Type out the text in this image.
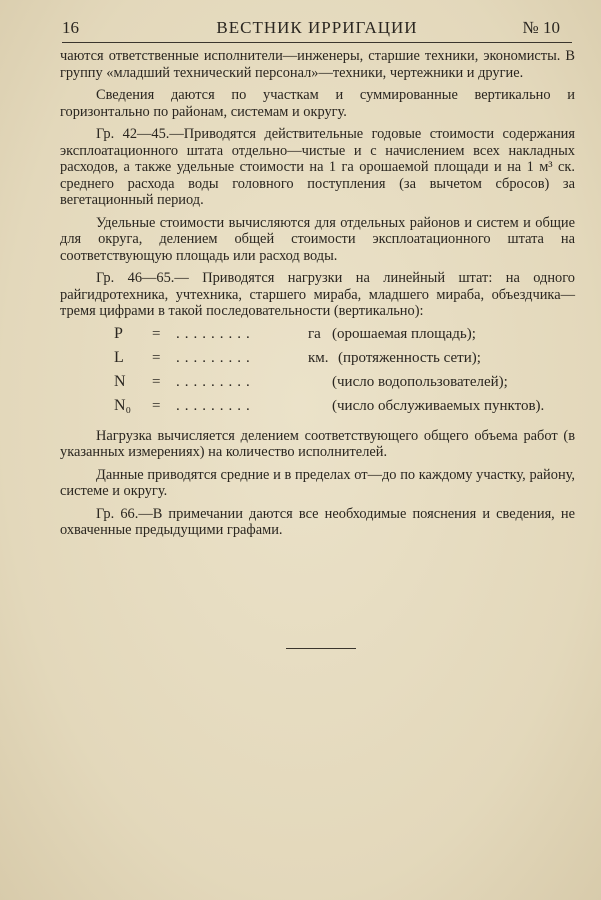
16	ВЕСТНИК ИРРИГАЦИИ	№ 10

чаются ответственные исполнители—инженеры, старшие техники, экономисты. В группу «младший технический персонал»—техники, чертежники и другие.

Сведения даются по участкам и суммированные вертикально и горизонтально по районам, системам и округу.

Гр. 42—45.—Приводятся действительные годовые стоимости содержания эксплоатационного штата отдельно—чистые и с начислением всех накладных расходов, а также удельные стоимости на 1 га орошаемой площади и на 1 м³ ск. среднего расхода воды головного поступления (за вычетом сбросов) за вегетационный период.

Удельные стоимости вычисляются для отдельных районов и систем и общие для округа, делением общей стоимости эксплоатационного штата на соответствующую площадь или расход воды.

Гр. 46—65.— Приводятся нагрузки на линейный штат: на одного райгидротехника, учтехника, старшего мираба, младшего мираба, объездчика—тремя цифрами в такой последовательности (вертикально):

P	=	.........	га (орошаемая площадь);
L	=	.........	км. (протяженность сети);
N	=	.........	(число водопользователей);
N₀	=	.........	(число обслуживаемых пунктов).

Нагрузка вычисляется делением соответствующего общего объема работ (в указанных измерениях) на количество исполнителей.

Данные приводятся средние и в пределах от—до по каждому участку, району, системе и округу.

Гр. 66.—В примечании даются все необходимые пояснения и сведения, не охваченные предыдущими графами.
